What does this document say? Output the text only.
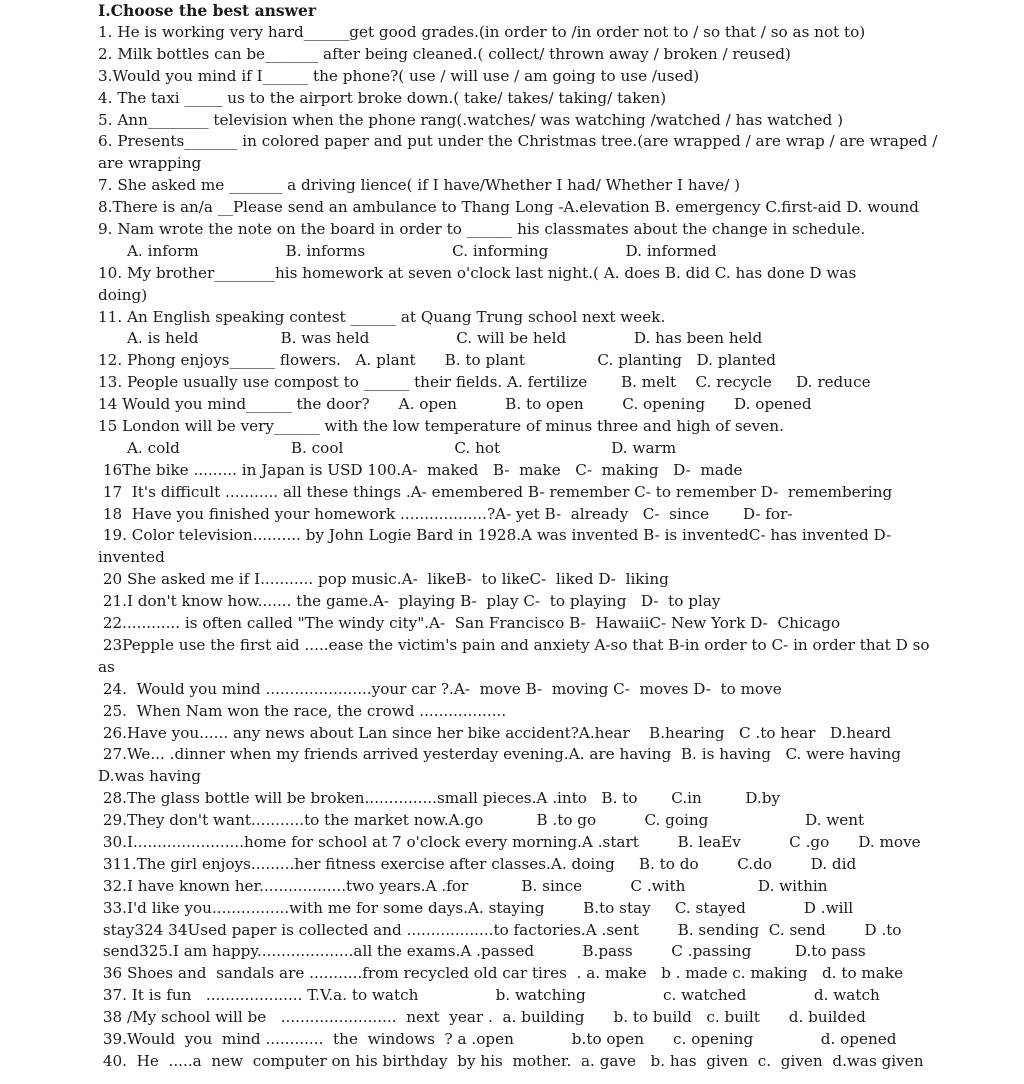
I.Choose the best answer
1. He is working very hard______get good grades.(in order to /in order not to / so that / so as not to)
2. Milk bottles can be_______ after being cleaned.( collect/ thrown away / broken / reused)
3.Would you mind if I______ the phone?( use / will use / am going to use /used)
4. The taxi _____ us to the airport broke down.( take/ takes/ taking/ taken)
5. Ann________ television when the phone rang(.watches/ was watching /watched / has watched )
6. Presents_______ in colored paper and put under the Christmas tree.(are wrapped / are wrap / are wraped /
are wrapping
7. She asked me _______ a driving lience( if I have/Whether I had/ Whether I have/ )
8.There is an/a __Please send an ambulance to Thang Long -A.elevation B. emergency C.first-aid D. wound
9. Nam wrote the note on the board in order to ______ his classmates about the change in schedule.
A. inform                  B. informs                  C. informing                D. informed
10. My brother________his homework at seven o'clock last night.( A. does B. did C. has done D was
doing)
11. An English speaking contest ______ at Quang Trung school next week.
A. is held                 B. was held                  C. will be held              D. has been held
12. Phong enjoys______ flowers.   A. plant      B. to plant               C. planting   D. planted
13. People usually use compost to ______ their fields. A. fertilize       B. melt    C. recycle     D. reduce
14 Would you mind______ the door?      A. open          B. to open        C. opening      D. opened
15 London will be very______ with the low temperature of minus three and high of seven.
A. cold                       B. cool                       C. hot                       D. warm
16The bike ......... in Japan is USD 100.A-  maked   B-  make   C-  making   D-  made
17  It's difficult ........... all these things .A- emembered B- remember C- to remember D-  remembering
18  Have you finished your homework ..................?A- yet B-  already   C-  since       D- for-
19. Color television.......... by John Logie Bard in 1928.A was invented B- is inventedC- has invented D-
invented
20 She asked me if I........... pop music.A-  likeB-  to likeC-  liked D-  liking
21.I don't know how....... the game.A-  playing B-  play C-  to playing   D-  to play
22............ is often called "The windy city".A-  San Francisco B-  HawaiiC- New York D-  Chicago
23Pepple use the first aid .....ease the victim's pain and anxiety A-so that B-in order to C- in order that D so
as
24.  Would you mind ......................your car ?.A-  move B-  moving C-  moves D-  to move
25.  When Nam won the race, the crowd ..................
26.Have you...... any news about Lan since her bike accident?A.hear    B.hearing   C .to hear   D.heard
27.We... .dinner when my friends arrived yesterday evening.A. are having  B. is having   C. were having
D.was having
28.The glass bottle will be broken...............small pieces.A .into   B. to       C.in         D.by
29.They don't want...........to the market now.A.go           B .to go          C. going                    D. went
30.I.......................home for school at 7 o'clock every morning.A .start        B. leaEv          C .go      D. move
311.The girl enjoys.........her fitness exercise after classes.A. doing     B. to do        C.do        D. did
32.I have known her..................two years.A .for           B. since          C .with               D. within
33.I'd like you................with me for some days.A. staying        B.to stay     C. stayed            D .will
stay324 34Used paper is collected and ..................to factories.A .sent        B. sending  C. send        D .to
send325.I am happy....................all the exams.A .passed          B.pass        C .passing         D.to pass
36 Shoes and  sandals are ...........from recycled old car tires  . a. make   b . made c. making   d. to make
37. It is fun   .................... T.V.a. to watch                b. watching                c. watched              d. watch
38 /My school will be   ........................  next  year .  a. building      b. to build   c. built      d. builded
39.Would  you  mind ............  the  windows  ? a .open            b.to open      c. opening              d. opened
40.  He  .....a  new  computer on his birthday  by his  mother.  a. gave   b. has  given  c.  given  d.was given
